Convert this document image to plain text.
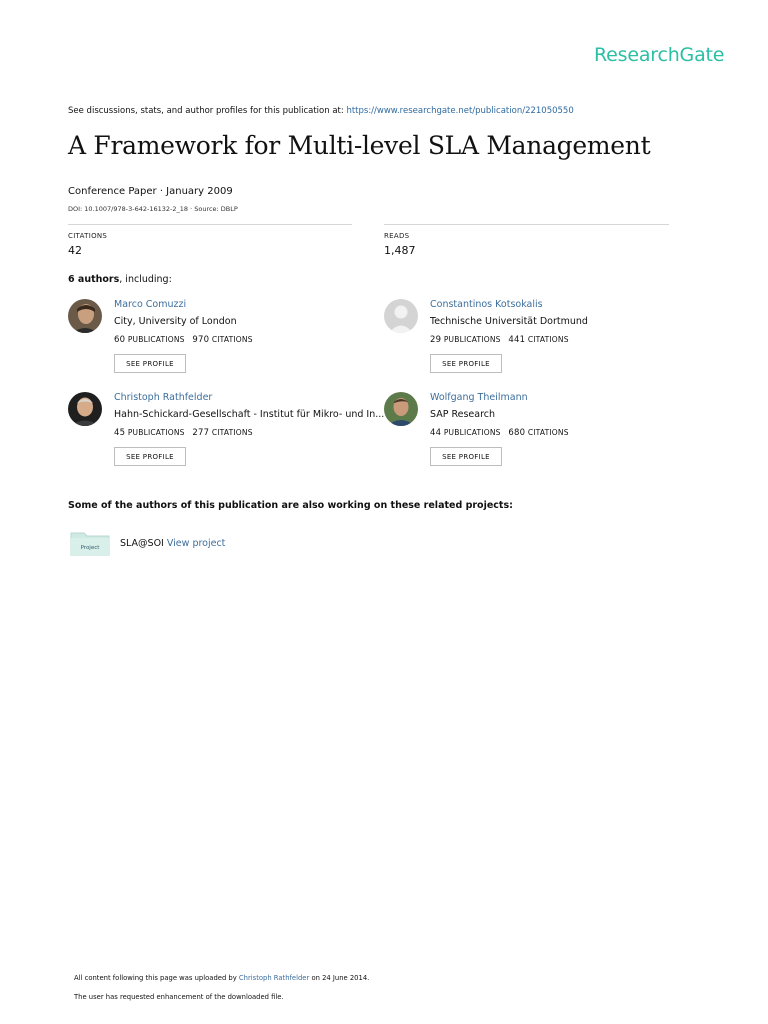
ResearchGate
See discussions, stats, and author profiles for this publication at: https://www.researchgate.net/publication/221050550
A Framework for Multi-level SLA Management
Conference Paper · January 2009
DOI: 10.1007/978-3-642-16132-2_18 · Source: DBLP
CITATIONS
42
READS
1,487
6 authors, including:
Marco Comuzzi
City, University of London
60 PUBLICATIONS 970 CITATIONS
SEE PROFILE
Constantinos Kotsokalis
Technische Universität Dortmund
29 PUBLICATIONS 441 CITATIONS
SEE PROFILE
Christoph Rathfelder
Hahn-Schickard-Gesellschaft - Institut für Mikro- und In...
45 PUBLICATIONS 277 CITATIONS
SEE PROFILE
Wolfgang Theilmann
SAP Research
44 PUBLICATIONS 680 CITATIONS
SEE PROFILE
Some of the authors of this publication are also working on these related projects:
Project SLA@SOI View project
All content following this page was uploaded by Christoph Rathfelder on 24 June 2014.
The user has requested enhancement of the downloaded file.
